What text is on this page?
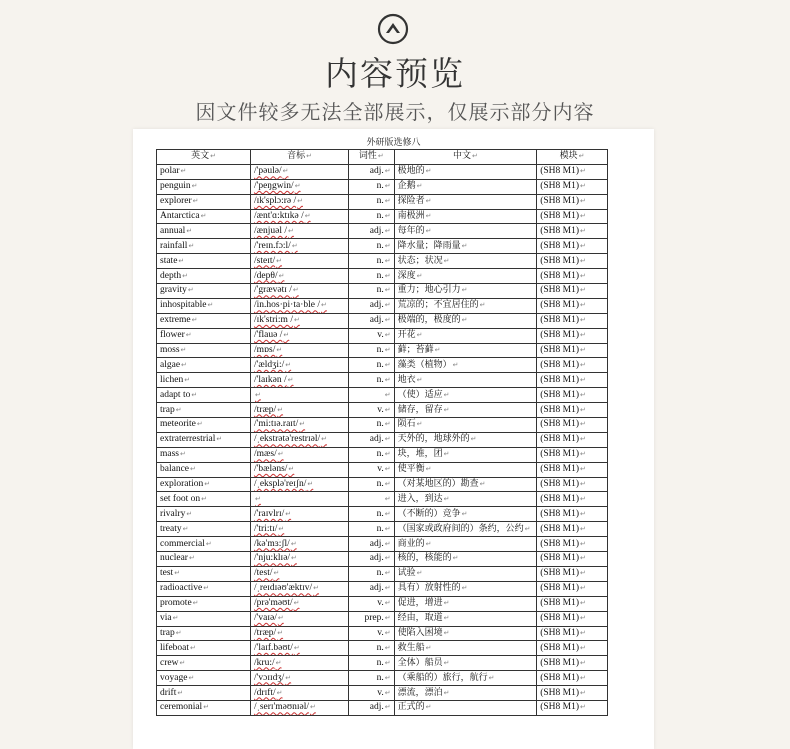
内容预览
因文件较多无法全部展示，仅展示部分内容
外研版选修八
英文↵	音标↵	词性↵	中文↵	模块↵
polar↵	/'pəulə/↵	adj.↵	极地的↵	(SH8 M1)↵
penguin↵	/'peŋgwin/↵	n.↵	企鹅↵	(SH8 M1)↵
explorer↵	/ɪk'splɔ:rə /↵	n.↵	探险者↵	(SH8 M1)↵
Antarctica↵	/ænt'ɑ:ktɪkə /↵	n.↵	南极洲↵	(SH8 M1)↵
annual↵	/ænjuəl /↵	adj.↵	每年的↵	(SH8 M1)↵
rainfall↵	/'reɪn.fɔ:l/↵	n.↵	降水量；降雨量↵	(SH8 M1)↵
state↵	/steɪt/↵	n.↵	状态；状况↵	(SH8 M1)↵
depth↵	/depθ/↵	n.↵	深度↵	(SH8 M1)↵
gravity↵	/'grævətɪ /↵	n.↵	重力；地心引力↵	(SH8 M1)↵
inhospitable↵	/in.hos·pi·ta·ble /↵	adj.↵	荒凉的；不宜居住的↵	(SH8 M1)↵
extreme↵	/ɪk'stri:m /↵	adj.↵	极端的，极度的↵	(SH8 M1)↵
flower↵	/'flauə /↵	v.↵	开花↵	(SH8 M1)↵
moss↵	/mɒs/↵	n.↵	藓；苔藓↵	(SH8 M1)↵
algae↵	/'ældʒi:/↵	n.↵	藻类（植物）↵	(SH8 M1)↵
lichen↵	/'laɪkən /↵	n.↵	地衣↵	(SH8 M1)↵
adapt to↵	↵	↵	（使）适应↵	(SH8 M1)↵
trap↵	/træp/↵	v.↵	储存，留存↵	(SH8 M1)↵
meteorite↵	/'mi:tɪə.raɪt/↵	n.↵	陨石↵	(SH8 M1)↵
extraterrestrial↵	/ˌekstrətə'restrɪəl/↵	adj.↵	天外的，地球外的↵	(SH8 M1)↵
mass↵	/mæs/↵	n.↵	块，堆，团↵	(SH8 M1)↵
balance↵	/'bæləns/↵	v.↵	使平衡↵	(SH8 M1)↵
exploration↵	/ˌeksplə'reɪʃn/↵	n.↵	（对某地区的）勘查↵	(SH8 M1)↵
set foot on↵	↵	↵	进入，到达↵	(SH8 M1)↵
rivalry↵	/'raɪvlrɪ/↵	n.↵	（不断的）竞争↵	(SH8 M1)↵
treaty↵	/'tri:tɪ/↵	n.↵	（国家或政府间的）条约，公约↵	(SH8 M1)↵
commercial↵	/kə'mɜ:ʃl/↵	adj.↵	商业的↵	(SH8 M1)↵
nuclear↵	/'nju:klɪə/↵	adj.↵	核的，核能的↵	(SH8 M1)↵
test↵	/test/↵	n.↵	试验↵	(SH8 M1)↵
radioactive↵	/ˌreɪdɪəʊ'æktɪv/↵	adj.↵	具有）放射性的↵	(SH8 M1)↵
promote↵	/prə'məʊt/↵	v.↵	促进，增进↵	(SH8 M1)↵
via↵	/'vaɪə/↵	prep.↵	经由，取道↵	(SH8 M1)↵
trap↵	/træp/↵	v.↵	使陷入困境↵	(SH8 M1)↵
lifeboat↵	/'laɪf.bəʊt/↵	n.↵	救生船↵	(SH8 M1)↵
crew↵	/kru:/↵	n.↵	全体）船员↵	(SH8 M1)↵
voyage↵	/'vɔɪɪdʒ/↵	n.↵	（乘船的）旅行，航行↵	(SH8 M1)↵
drift↵	/drɪft/↵	v.↵	漂流，漂泊↵	(SH8 M1)↵
ceremonial↵	/ˌserɪ'məʊnɪəl/↵	adj.↵	正式的↵	(SH8 M1)↵
